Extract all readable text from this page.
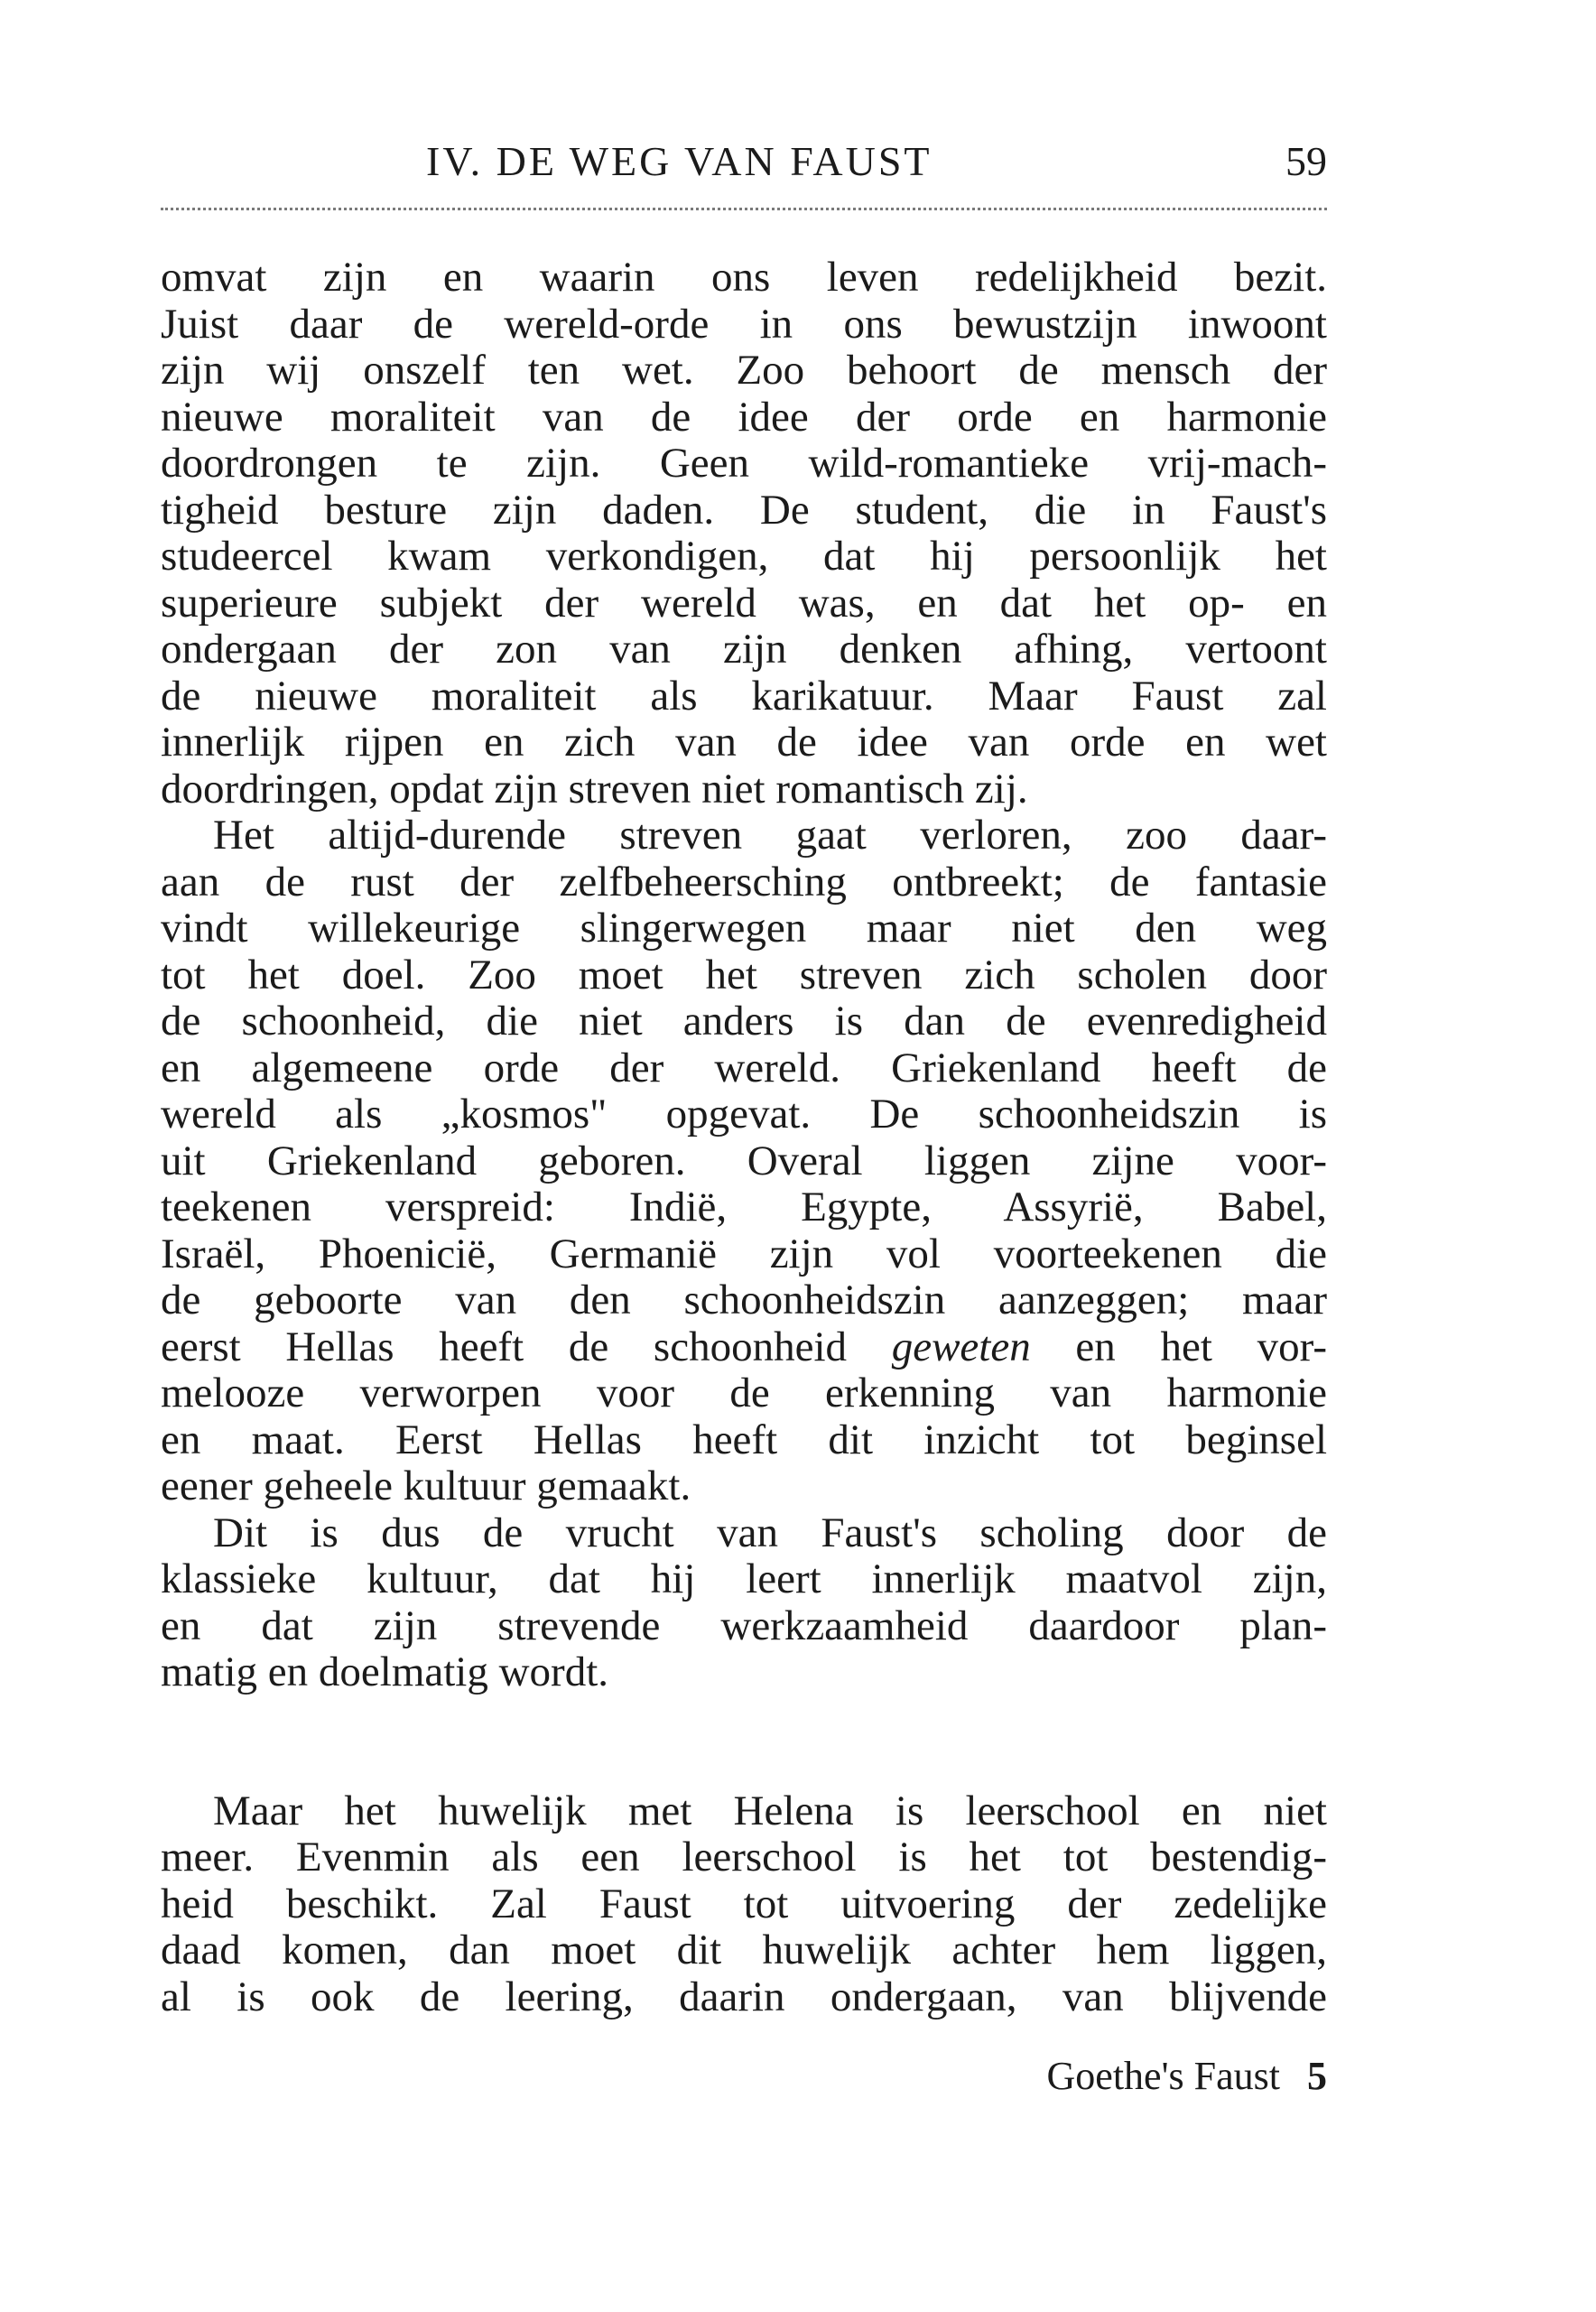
IV. DE WEG VAN FAUST	59
omvat zijn en waarin ons leven redelijkheid bezit.
Juist daar de wereld-orde in ons bewustzijn inwoont
zijn wij onszelf ten wet. Zoo behoort de mensch der
nieuwe moraliteit van de idee der orde en harmonie
doordrongen te zijn. Geen wild-romantieke vrij-mach-
tigheid besture zijn daden. De student, die in Faust's
studeercel kwam verkondigen, dat hij persoonlijk het
superieure subjekt der wereld was, en dat het op- en
ondergaan der zon van zijn denken afhing, vertoont
de nieuwe moraliteit als karikatuur. Maar Faust zal
innerlijk rijpen en zich van de idee van orde en wet
doordringen, opdat zijn streven niet romantisch zij.
Het altijd-durende streven gaat verloren, zoo daar-
aan de rust der zelfbeheersching ontbreekt; de fantasie
vindt willekeurige slingerwegen maar niet den weg
tot het doel. Zoo moet het streven zich scholen door
de schoonheid, die niet anders is dan de evenredigheid
en algemeene orde der wereld. Griekenland heeft de
wereld als „kosmos" opgevat. De schoonheidszin is
uit Griekenland geboren. Overal liggen zijne voor-
teekenen verspreid: Indië, Egypte, Assyrië, Babel,
Israël, Phoenicië, Germanië zijn vol voorteekenen die
de geboorte van den schoonheidszin aanzeggen; maar
eerst Hellas heeft de schoonheid geweten en het vor-
melooze verworpen voor de erkenning van harmonie
en maat. Eerst Hellas heeft dit inzicht tot beginsel
eener geheele kultuur gemaakt.
Dit is dus de vrucht van Faust's scholing door de
klassieke kultuur, dat hij leert innerlijk maatvol zijn,
en dat zijn strevende werkzaamheid daardoor plan-
matig en doelmatig wordt.
Maar het huwelijk met Helena is leerschool en niet
meer. Evenmin als een leerschool is het tot bestendig-
heid beschikt. Zal Faust tot uitvoering der zedelijke
daad komen, dan moet dit huwelijk achter hem liggen,
al is ook de leering, daarin ondergaan, van blijvende
Goethe's Faust 5
